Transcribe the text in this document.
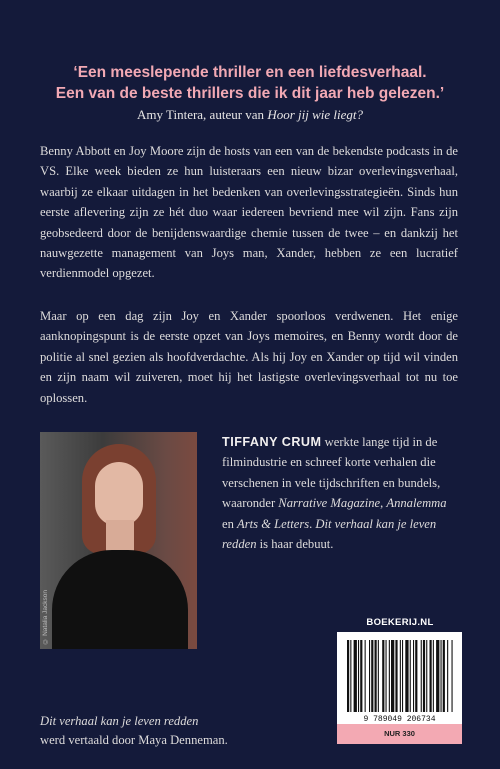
‘Een meeslepende thriller en een liefdesverhaal.
Een van de beste thrillers die ik dit jaar heb gelezen.’
Amy Tintera, auteur van Hoor jij wie liegt?
Benny Abbott en Joy Moore zijn de hosts van een van de bekendste podcasts in de VS. Elke week bieden ze hun luisteraars een nieuw bizar overlevingsverhaal, waarbij ze elkaar uitdagen in het bedenken van overlevingsstrategieën. Sinds hun eerste aflevering zijn ze hét duo waar iedereen bevriend mee wil zijn. Fans zijn geobsedeerd door de benijdenswaardige chemie tussen de twee – en dankzij het nauwgezette management van Joys man, Xander, hebben ze een lucratief verdienmodel opgezet.
Maar op een dag zijn Joy en Xander spoorloos verdwenen. Het enige aanknopingspunt is de eerste opzet van Joys memoires, en Benny wordt door de politie al snel gezien als hoofdverdachte. Als hij Joy en Xander op tijd wil vinden en zijn naam wil zuiveren, moet hij het lastigste overlevingsverhaal tot nu toe oplossen.
© Natalia Jackson
TIFFANY CRUM werkte lange tijd in de filmindustrie en schreef korte verhalen die verschenen in vele tijdschriften en bundels, waaronder Narrative Magazine, Annalemma en Arts & Letters. Dit verhaal kan je leven redden is haar debuut.
BOEKERIJ.NL
9 789049 206734
NUR 330
Dit verhaal kan je leven redden
werd vertaald door Maya Denneman.
